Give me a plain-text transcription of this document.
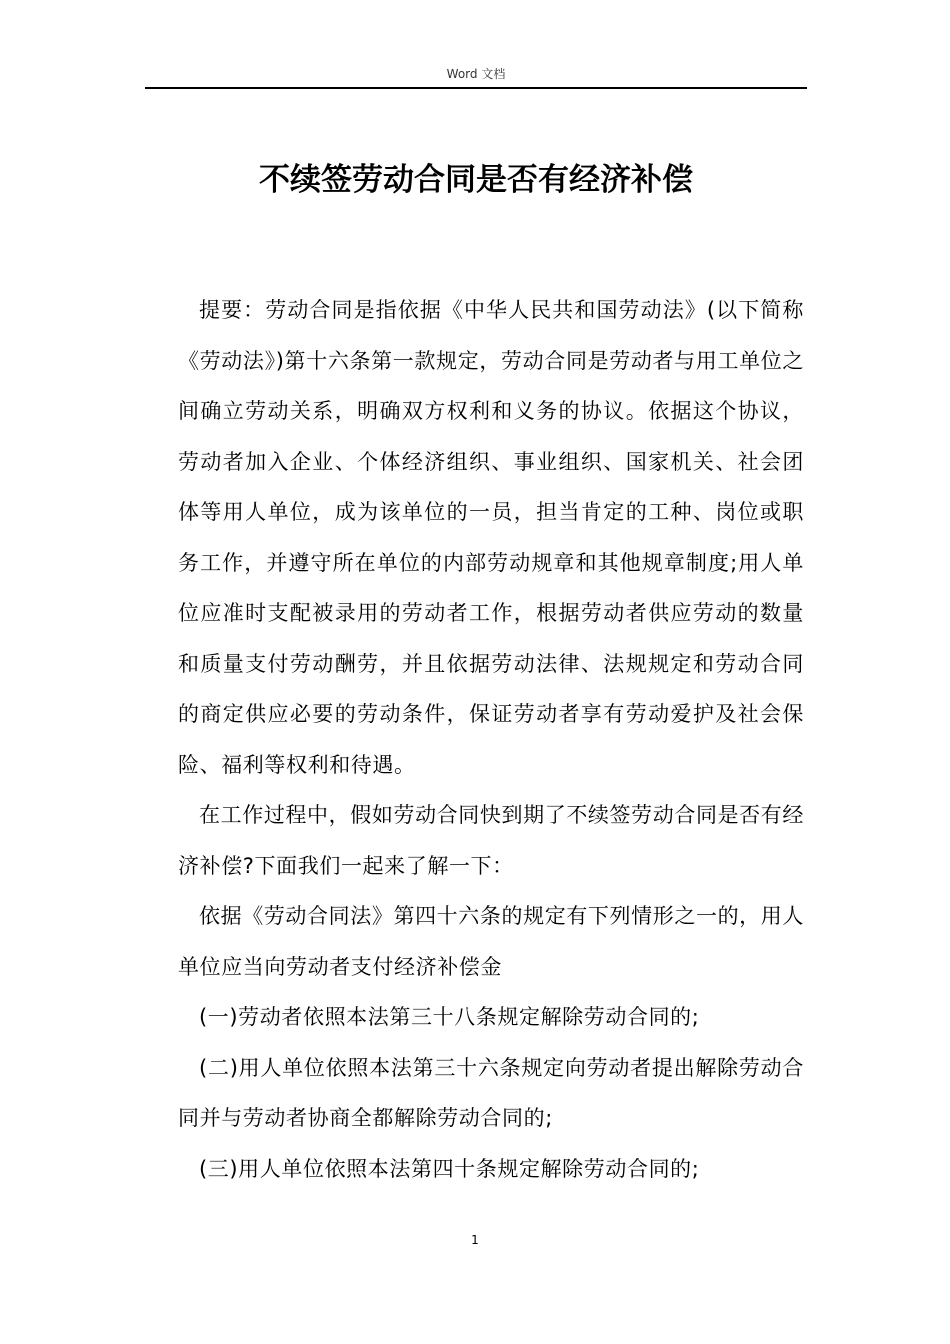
Word 文档
不续签劳动合同是否有经济补偿

提要：劳动合同是指依据《中华人民共和国劳动法》(以下简称《劳动法》)第十六条第一款规定，劳动合同是劳动者与用工单位之间确立劳动关系，明确双方权利和义务的协议。依据这个协议，劳动者加入企业、个体经济组织、事业组织、国家机关、社会团体等用人单位，成为该单位的一员，担当肯定的工种、岗位或职务工作，并遵守所在单位的内部劳动规章和其他规章制度;用人单位应准时支配被录用的劳动者工作，根据劳动者供应劳动的数量和质量支付劳动酬劳，并且依据劳动法律、法规规定和劳动合同的商定供应必要的劳动条件，保证劳动者享有劳动爱护及社会保险、福利等权利和待遇。

在工作过程中，假如劳动合同快到期了不续签劳动合同是否有经济补偿?下面我们一起来了解一下：

依据《劳动合同法》第四十六条的规定有下列情形之一的，用人单位应当向劳动者支付经济补偿金

(一)劳动者依照本法第三十八条规定解除劳动合同的;

(二)用人单位依照本法第三十六条规定向劳动者提出解除劳动合同并与劳动者协商全都解除劳动合同的;

(三)用人单位依照本法第四十条规定解除劳动合同的;

1
